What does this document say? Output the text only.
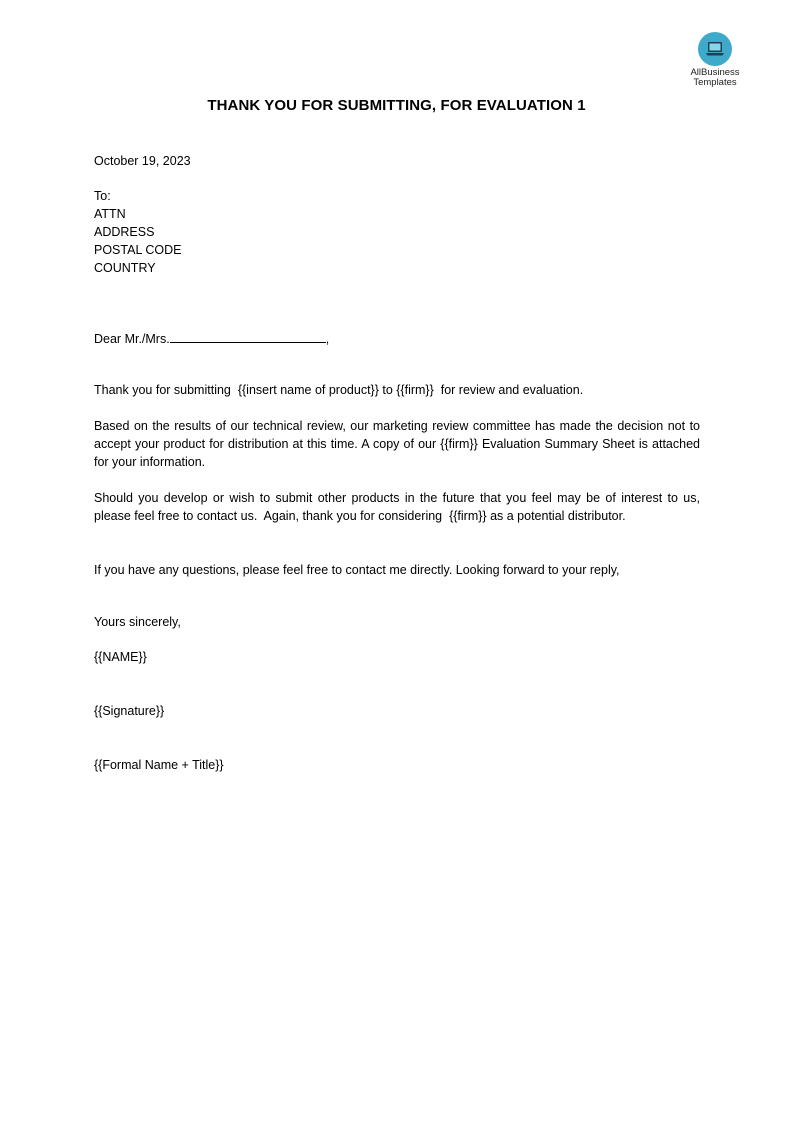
AllBusiness
Templates
THANK YOU FOR SUBMITTING, FOR EVALUATION 1

October 19, 2023

To:

ATTN

ADDRESS

POSTAL CODE

COUNTRY

Dear Mr./Mrs.	,

Thank you for submitting  {{insert name of product}} to {{firm}}  for review and evaluation.

Based on the results of our technical review, our marketing review committee has made the decision not to accept your product for distribution at this time. A copy of our {{firm}} Evaluation Summary Sheet is attached for your information.

Should you develop or wish to submit other products in the future that you feel may be of interest to us, please feel free to contact us.  Again, thank you for considering  {{firm}} as a potential distributor.

If you have any questions, please feel free to contact me directly. Looking forward to your reply,

Yours sincerely,

{{NAME}}

{{Signature}}

{{Formal Name + Title}}
